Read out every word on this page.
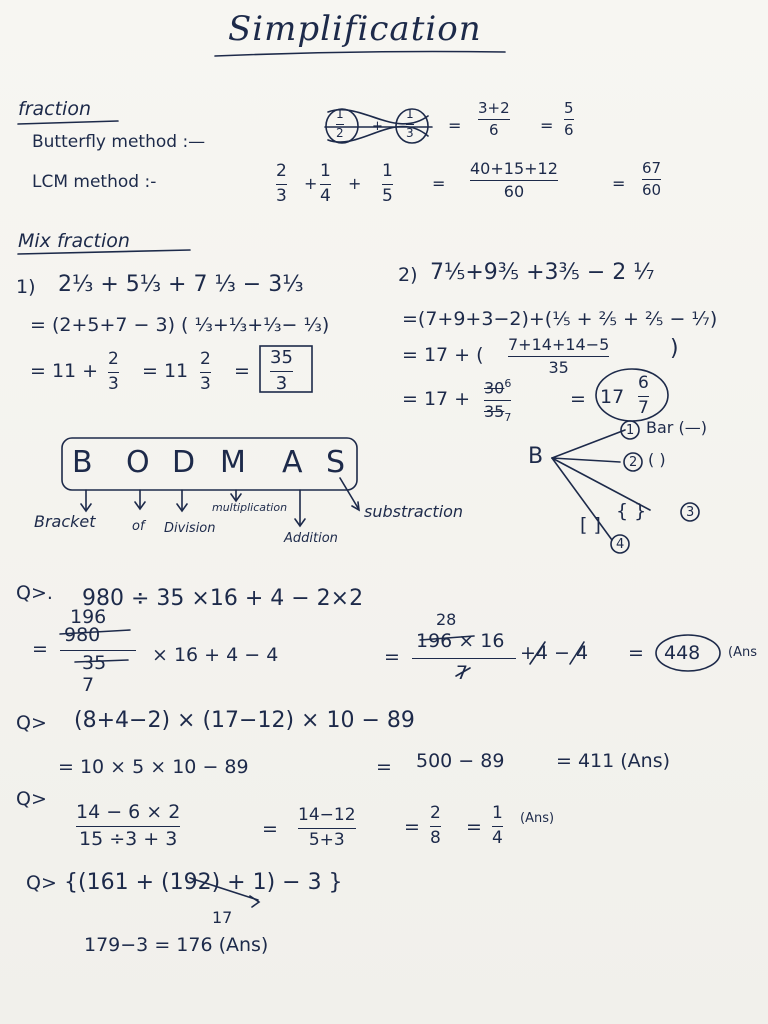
Simplification
fraction
Butterfly method :—
1
2 +
1
3 =
3+2
6	=
5
6
LCM method :-
2
3
+
1
4
+
1
5
=
40+15+12
60	=
67
60
Mix fraction
1) 2⅓ + 5⅓ + 7 ⅓ − 3⅓
= (2+5+7 − 3) ( ⅓+⅓+⅓− ⅓)
= 11 +
2
3
= 11
2
3
=
35
3
2) 7⅕+9⅗ +3⅗ − 2 ⅐
=(7+9+3−2)+(⅕ + ⅖ + ⅖ − ⅐)
= 17 + ( 7+14+14−5
35
)
= 17 +
$30^6$
$35_7$
= 17
6
7
B O D M A S
Bracket	of Division
multiplication
Addition
substraction
B
1 Bar (—)
2 ( )
{ }	3
[ ]
4
Q>. 980 ÷ 35 ×16 + 4 − 2×2
=
196
980
35
7
× 16 + 4 − 4	=
28
196 × 16
7
+4 − 4 = 448 (Ans
Q> (8+4−2) × (17−12) × 10 − 89
= 10 × 5 × 10 − 89	= 500 − 89	= 411 (Ans)
Q>
14 − 6 × 2
15 ÷3 + 3	=
14−12
5+3
=
2
8 =
1
4
(Ans)
Q> {(161 + (192) + 1) − 3 }
17
179−3 = 176 (Ans)
